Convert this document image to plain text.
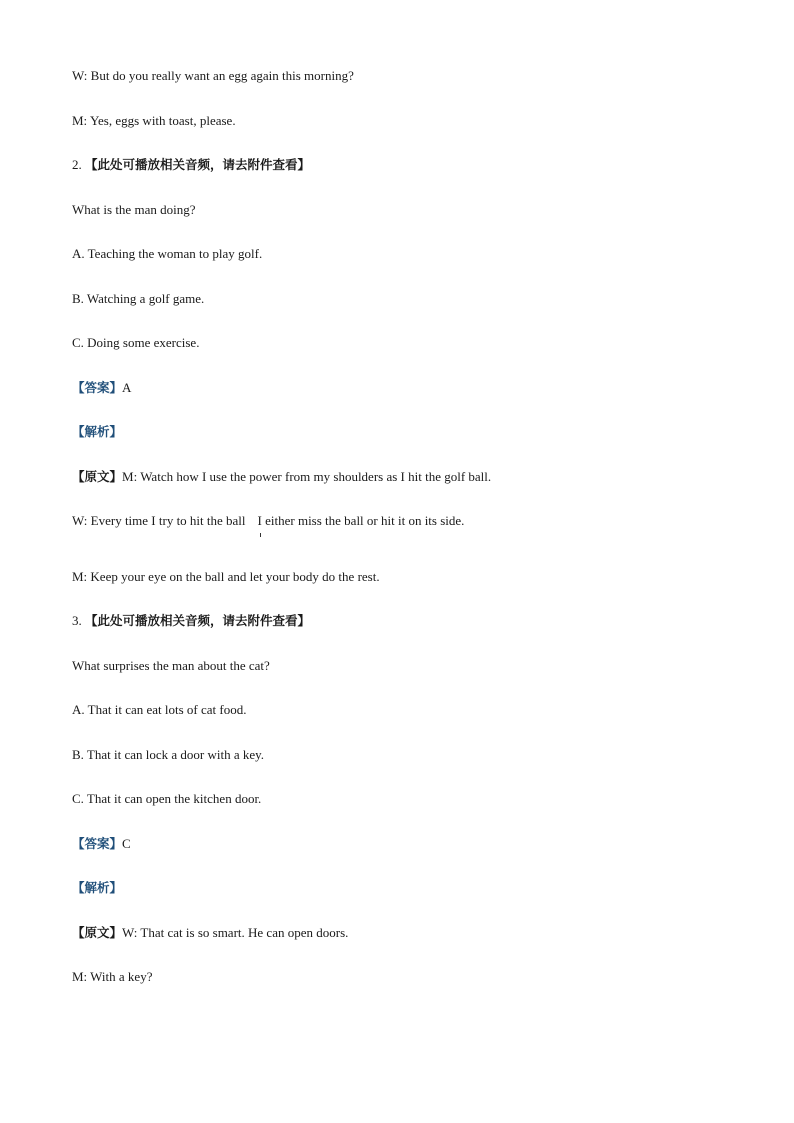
W: But do you really want an egg again this morning?
M: Yes, eggs with toast, please.
2. 【此处可播放相关音频，请去附件查看】
What is the man doing?
A. Teaching the woman to play golf.
B. Watching a golf game.
C. Doing some exercise.
【答案】A
【解析】
【原文】M: Watch how I use the power from my shoulders as I hit the golf ball.
W: Every time I try to hit the ball I either miss the ball or hit it on its side.
M: Keep your eye on the ball and let your body do the rest.
3. 【此处可播放相关音频，请去附件查看】
What surprises the man about the cat?
A. That it can eat lots of cat food.
B. That it can lock a door with a key.
C. That it can open the kitchen door.
【答案】C
【解析】
【原文】W: That cat is so smart. He can open doors.
M: With a key?
